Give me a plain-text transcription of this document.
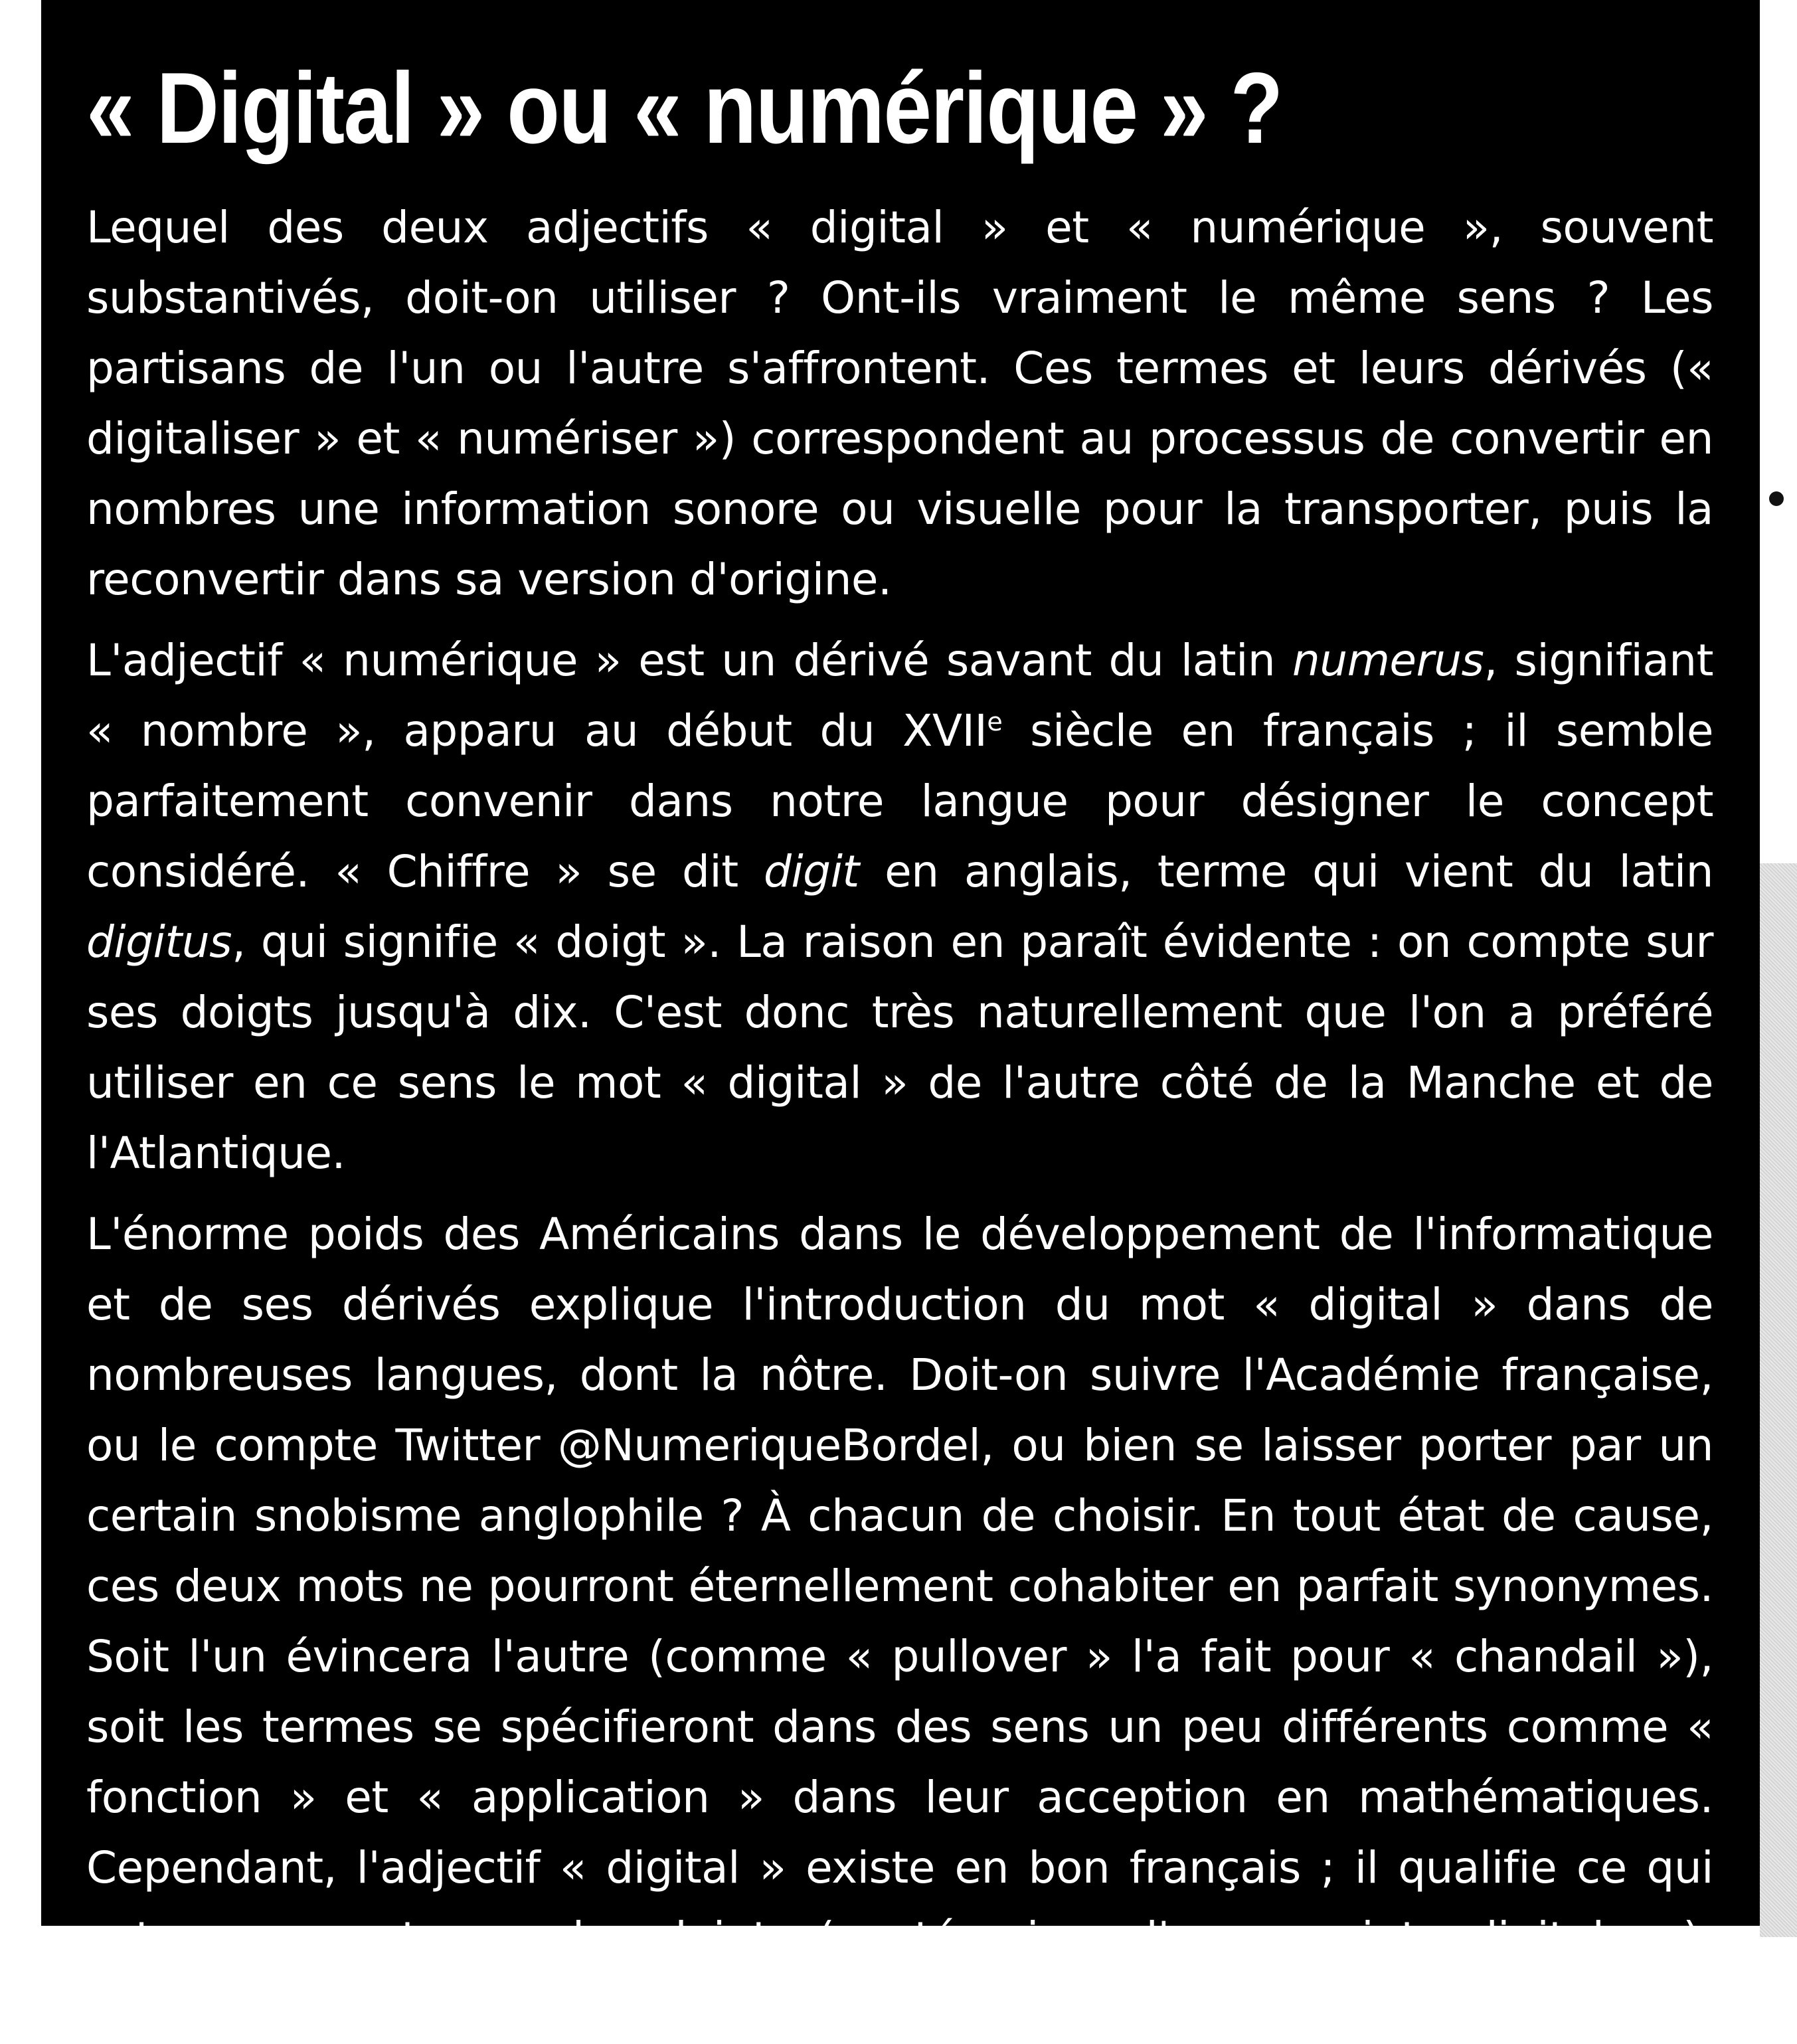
« Digital » ou « numérique » ?

Lequel des deux adjectifs « digital » et « numérique », souvent substantivés, doit-on utiliser ? Ont-ils vraiment le même sens ? Les partisans de l'un ou l'autre s'affrontent. Ces termes et leurs dérivés (« digitaliser » et « numériser ») correspondent au processus de convertir en nombres une information sonore ou visuelle pour la transporter, puis la reconvertir dans sa version d'origine.

L'adjectif « numérique » est un dérivé savant du latin numerus, signifiant « nombre », apparu au début du XVIIe siècle en français ; il semble parfaitement convenir dans notre langue pour désigner le concept considéré. « Chiffre » se dit digit en anglais, terme qui vient du latin digitus, qui signifie « doigt ». La raison en paraît évidente : on compte sur ses doigts jusqu'à dix. C'est donc très naturellement que l'on a préféré utiliser en ce sens le mot « digital » de l'autre côté de la Manche et de l'Atlantique.

L'énorme poids des Américains dans le développement de l'informatique et de ses dérivés explique l'introduction du mot « digital » dans de nombreuses langues, dont la nôtre. Doit-on suivre l'Académie française, ou le compte Twitter @NumeriqueBordel, ou bien se laisser porter par un certain snobisme anglophile ? À chacun de choisir. En tout état de cause, ces deux mots ne pourront éternellement cohabiter en parfait synonymes. Soit l'un évincera l'autre (comme « pullover » l'a fait pour « chandail »), soit les termes se spécifieront dans des sens un peu différents comme « fonction » et « application » dans leur acception en mathématiques. Cependant, l'adjectif « digital » existe en bon français ; il qualifie ce qui est en rapport avec les doigts (en témoigne l'« empreinte digitale »). L'arrivée des écrans tactiles peut redonner tout son sens à cet adjectif !
